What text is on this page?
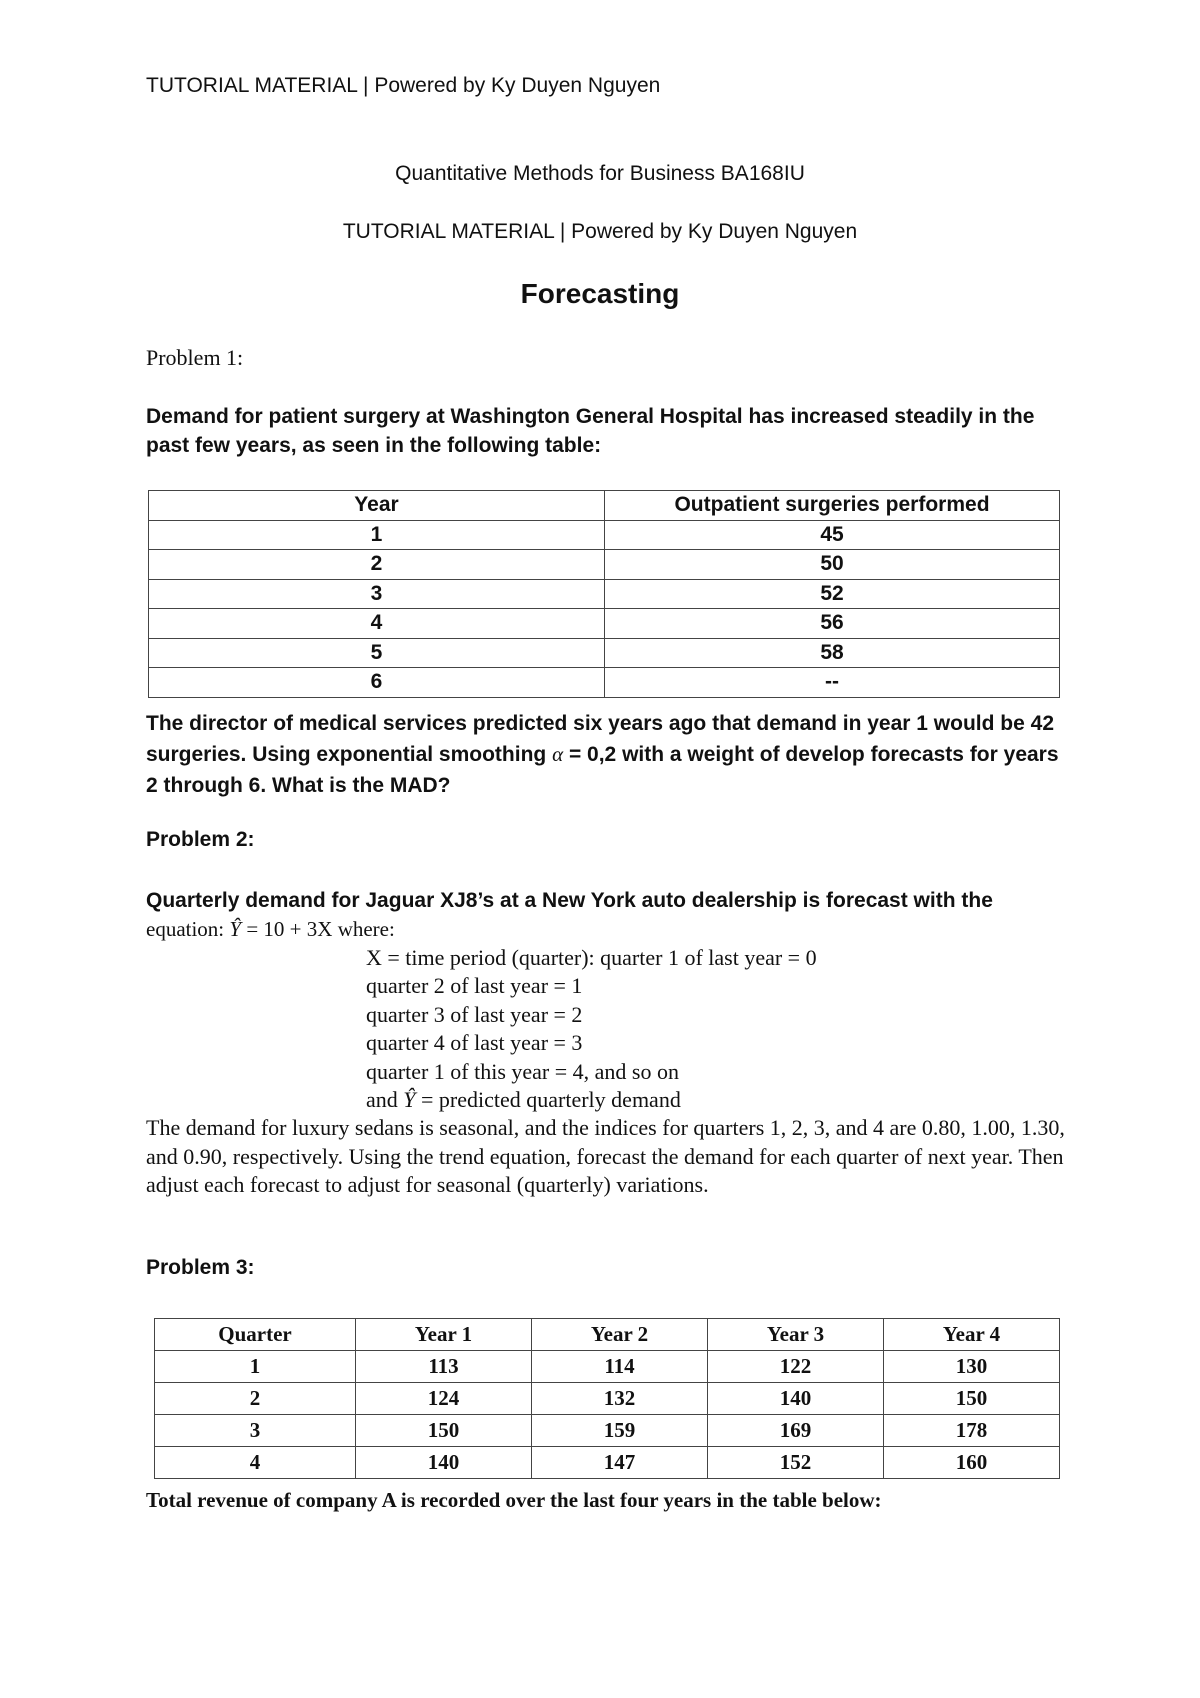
TUTORIAL MATERIAL | Powered by Ky Duyen Nguyen
Quantitative Methods for Business BA168IU
TUTORIAL MATERIAL | Powered by Ky Duyen Nguyen
Forecasting
Problem 1:
Demand for patient surgery at Washington General Hospital has increased steadily in the past few years, as seen in the following table:
Year	Outpatient surgeries performed
1	45
2	50
3	52
4	56
5	58
6	--
The director of medical services predicted six years ago that demand in year 1 would be 42 surgeries. Using exponential smoothing α = 0,2 with a weight of develop forecasts for years 2 through 6. What is the MAD?
Problem 2:
Quarterly demand for Jaguar XJ8’s at a New York auto dealership is forecast with the
equation: Ŷ = 10 + 3X where:
X = time period (quarter): quarter 1 of last year = 0
quarter 2 of last year = 1
quarter 3 of last year = 2
quarter 4 of last year = 3
quarter 1 of this year = 4, and so on
and Ŷ = predicted quarterly demand
The demand for luxury sedans is seasonal, and the indices for quarters 1, 2, 3, and 4 are 0.80, 1.00, 1.30, and 0.90, respectively. Using the trend equation, forecast the demand for each quarter of next year. Then adjust each forecast to adjust for seasonal (quarterly) variations.
Problem 3:
Quarter	Year 1	Year 2	Year 3	Year 4
1	113	114	122	130
2	124	132	140	150
3	150	159	169	178
4	140	147	152	160
Total revenue of company A is recorded over the last four years in the table below:
